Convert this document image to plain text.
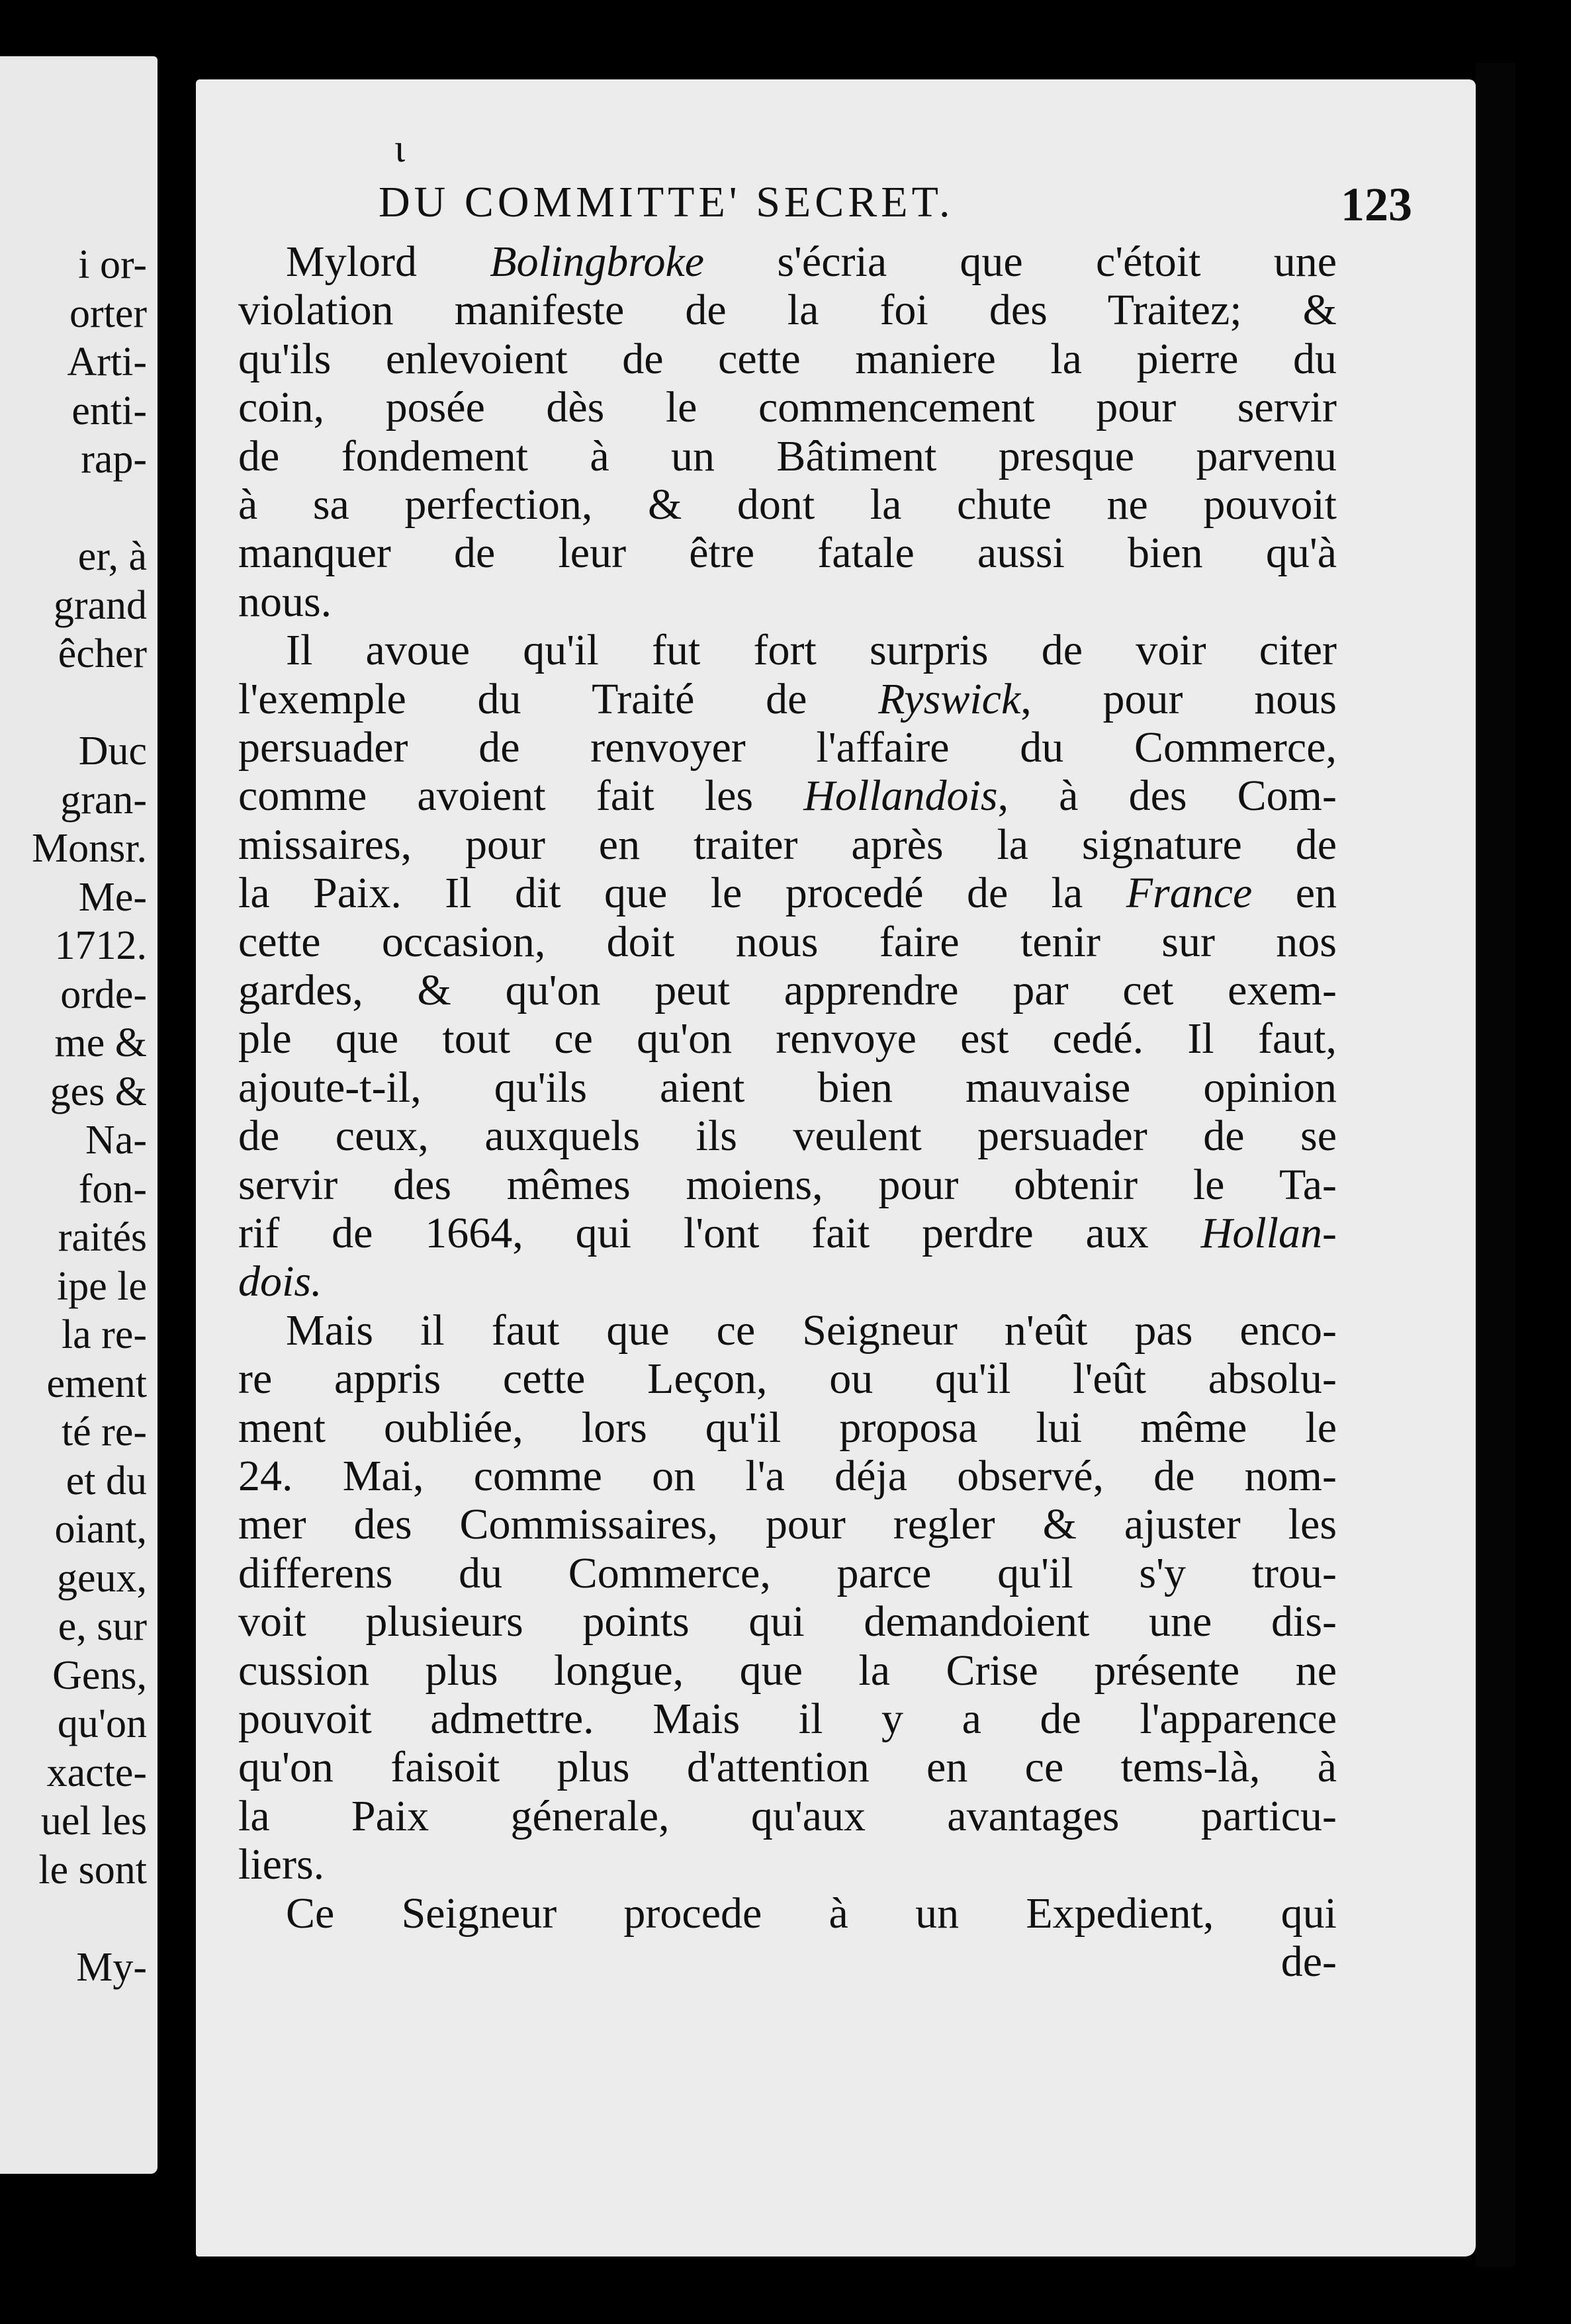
i or-
orter
Arti-
enti-
rap-
er, à
grand
êcher
Duc
gran-
Monsr.
Me-
1712.
orde-
me &
ges &
Na-
fon-
raités
ipe le
la re-
ement
té re-
et du
oiant,
geux,
e, sur
Gens,
qu'on
xacte-
uel les
le sont
My-
ɩ
DU COMMITTE' SECRET.	123
Mylord Bolingbroke s'écria que c'étoit une
violation manifeste de la foi des Traitez; &
qu'ils enlevoient de cette maniere la pierre du
coin, posée dès le commencement pour servir
de fondement à un Bâtiment presque parvenu
à sa perfection, & dont la chute ne pouvoit
manquer de leur être fatale aussi bien qu'à
nous.
Il avoue qu'il fut fort surpris de voir citer
l'exemple du Traité de Ryswick, pour nous
persuader de renvoyer l'affaire du Commerce,
comme avoient fait les Hollandois, à des Com-
missaires, pour en traiter après la signature de
la Paix. Il dit que le procedé de la France en
cette occasion, doit nous faire tenir sur nos
gardes, & qu'on peut apprendre par cet exem-
ple que tout ce qu'on renvoye est cedé. Il faut,
ajoute-t-il, qu'ils aient bien mauvaise opinion
de ceux, auxquels ils veulent persuader de se
servir des mêmes moiens, pour obtenir le Ta-
rif de 1664, qui l'ont fait perdre aux Hollan-
dois.
Mais il faut que ce Seigneur n'eût pas enco-
re appris cette Leçon, ou qu'il l'eût absolu-
ment oubliée, lors qu'il proposa lui même le
24. Mai, comme on l'a déja observé, de nom-
mer des Commissaires, pour regler & ajuster les
differens du Commerce, parce qu'il s'y trou-
voit plusieurs points qui demandoient une dis-
cussion plus longue, que la Crise présente ne
pouvoit admettre. Mais il y a de l'apparence
qu'on faisoit plus d'attention en ce tems-là, à
la Paix génerale, qu'aux avantages particu-
liers.
Ce Seigneur procede à un Expedient, qui
de-
